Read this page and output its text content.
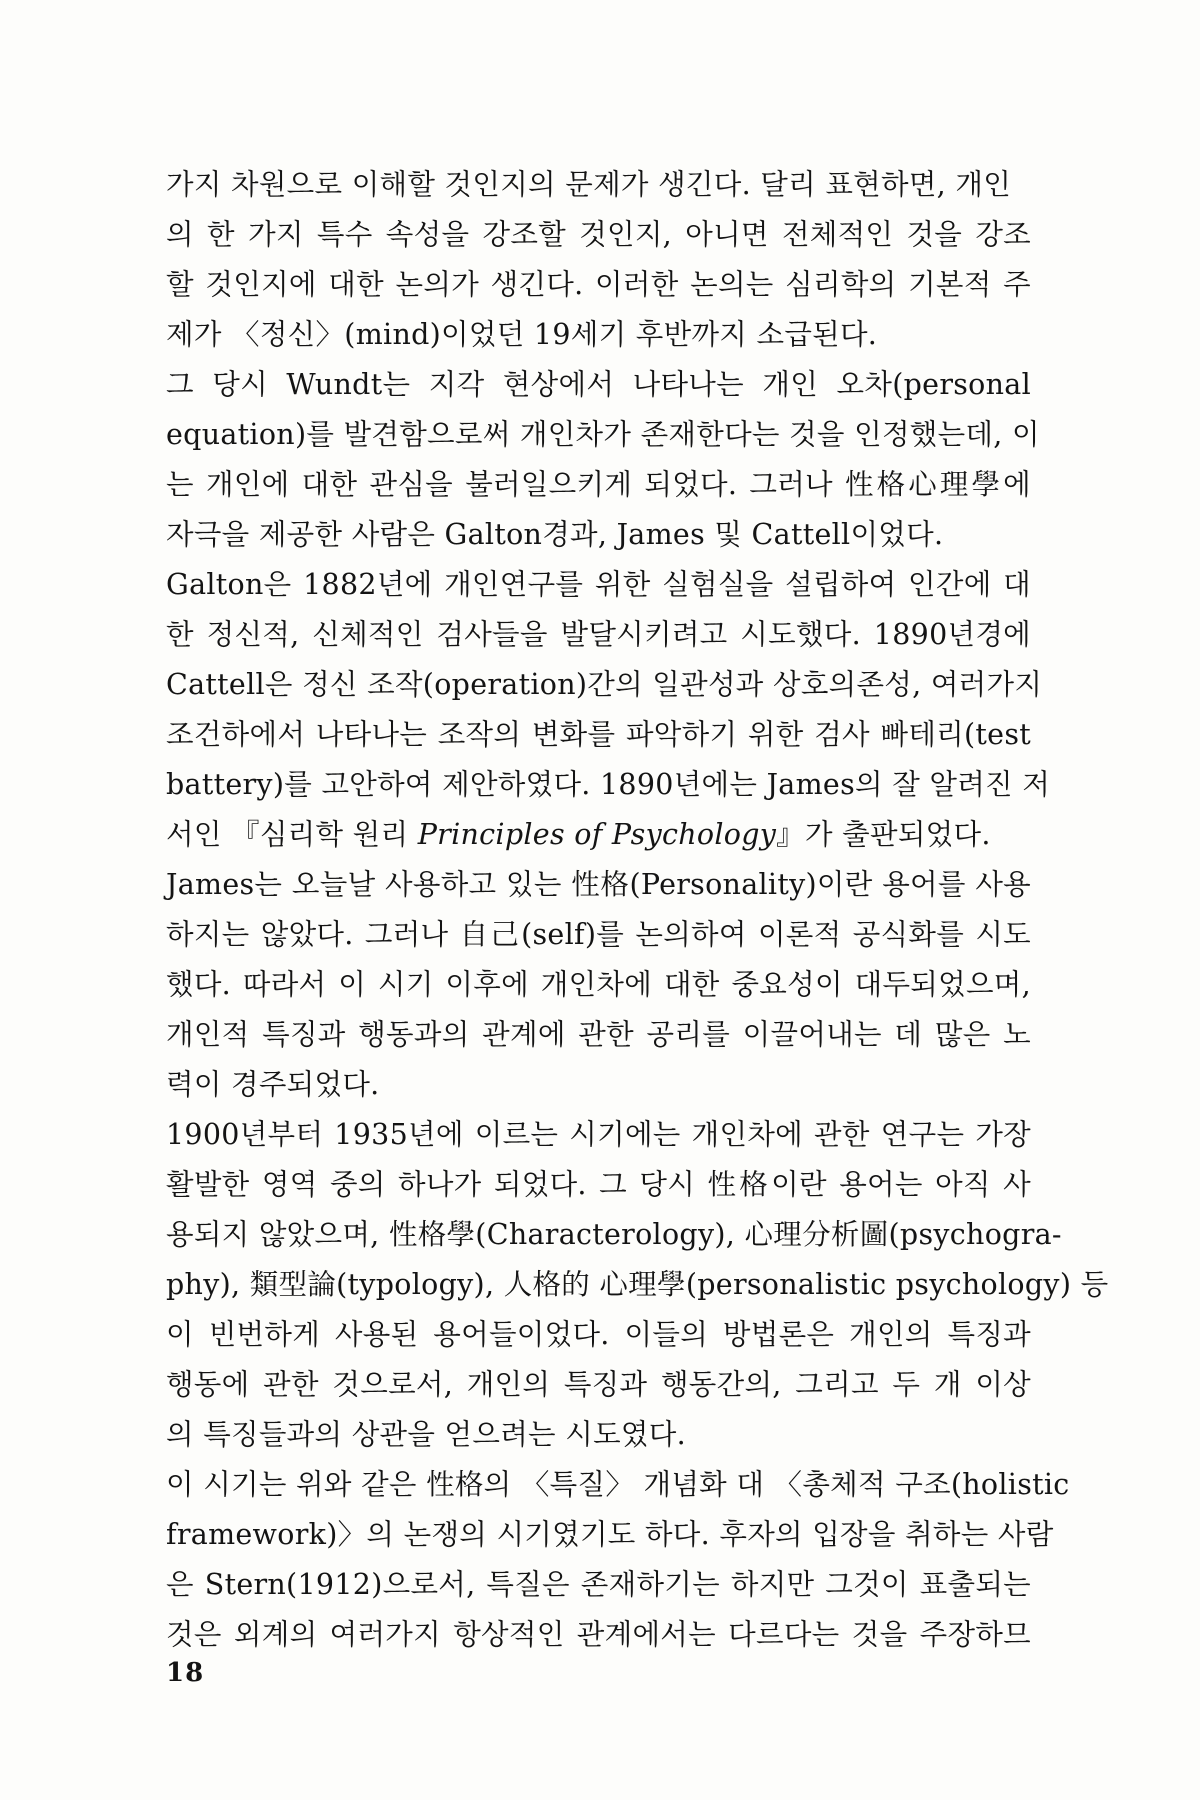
가지 차원으로 이해할 것인지의 문제가 생긴다. 달리 표현하면, 개인
의 한 가지 특수 속성을 강조할 것인지, 아니면 전체적인 것을 강조
할 것인지에 대한 논의가 생긴다. 이러한 논의는 심리학의 기본적 주
제가 〈정신〉(mind)이었던 19세기 후반까지 소급된다.
그 당시 Wundt는 지각 현상에서 나타나는 개인 오차(personal
equation)를 발견함으로써 개인차가 존재한다는 것을 인정했는데, 이
는 개인에 대한 관심을 불러일으키게 되었다. 그러나 性格心理學에
자극을 제공한 사람은 Galton경과, James 및 Cattell이었다.
Galton은 1882년에 개인연구를 위한 실험실을 설립하여 인간에 대
한 정신적, 신체적인 검사들을 발달시키려고 시도했다. 1890년경에
Cattell은 정신 조작(operation)간의 일관성과 상호의존성, 여러가지
조건하에서 나타나는 조작의 변화를 파악하기 위한 검사 빠테리(test
battery)를 고안하여 제안하였다. 1890년에는 James의 잘 알려진 저
서인 『심리학 원리 Principles of Psychology』가 출판되었다.
James는 오늘날 사용하고 있는 性格(Personality)이란 용어를 사용
하지는 않았다. 그러나 自己(self)를 논의하여 이론적 공식화를 시도
했다. 따라서 이 시기 이후에 개인차에 대한 중요성이 대두되었으며,
개인적 특징과 행동과의 관계에 관한 공리를 이끌어내는 데 많은 노
력이 경주되었다.
1900년부터 1935년에 이르는 시기에는 개인차에 관한 연구는 가장
활발한 영역 중의 하나가 되었다. 그 당시 性格이란 용어는 아직 사
용되지 않았으며, 性格學(Characterology), 心理分析圖(psychogra-
phy), 類型論(typology), 人格的 心理學(personalistic psychology) 등
이 빈번하게 사용된 용어들이었다. 이들의 방법론은 개인의 특징과
행동에 관한 것으로서, 개인의 특징과 행동간의, 그리고 두 개 이상
의 특징들과의 상관을 얻으려는 시도였다.
이 시기는 위와 같은 性格의 〈특질〉 개념화 대 〈총체적 구조(holistic
framework)〉의 논쟁의 시기였기도 하다. 후자의 입장을 취하는 사람
은 Stern(1912)으로서, 특질은 존재하기는 하지만 그것이 표출되는
것은 외계의 여러가지 항상적인 관계에서는 다르다는 것을 주장하므
18
